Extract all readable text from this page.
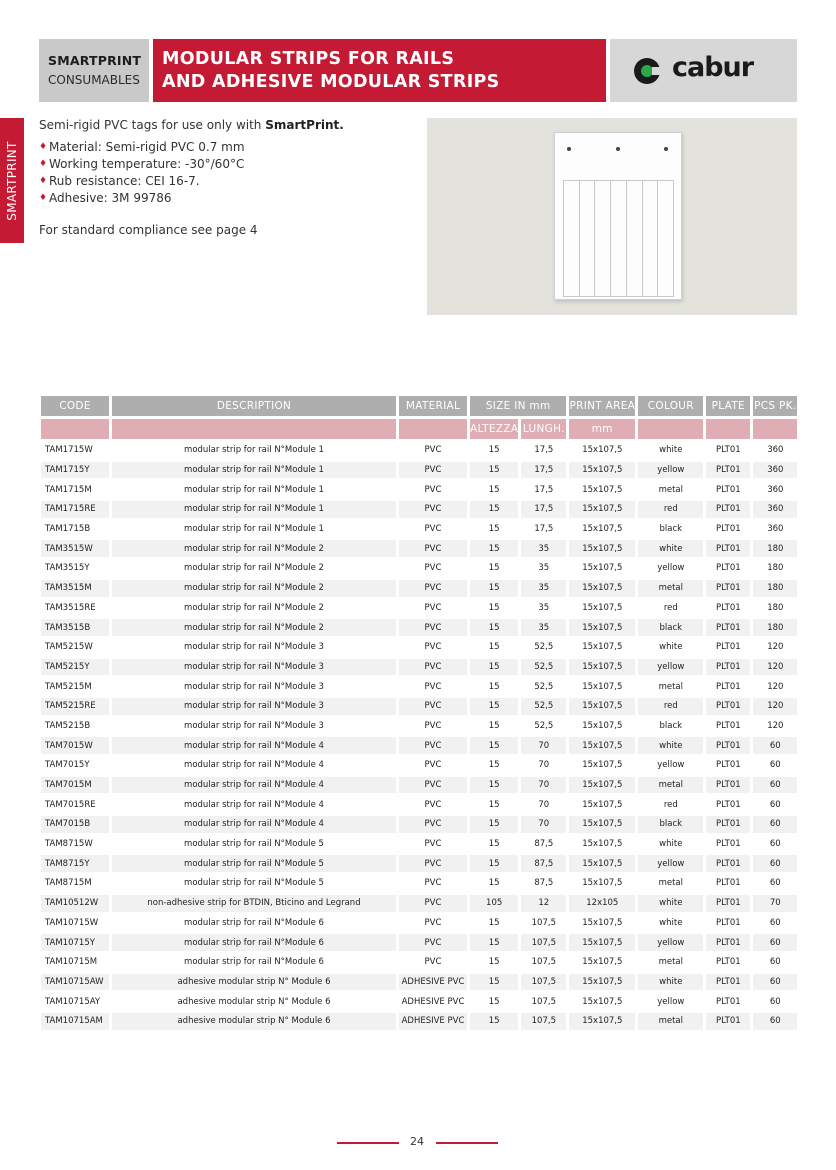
SMARTPRINT
CONSUMABLES
MODULAR STRIPS FOR RAILS
AND ADHESIVE MODULAR STRIPS	cabur
SMARTPRINT
Semi-rigid PVC tags for use only with SmartPrint.
♦ Material: Semi-rigid PVC 0.7 mm
♦ Working temperature: -30°/60°C
♦ Rub resistance: CEI 16-7.
♦ Adhesive: 3M 99786
For standard compliance see page 4
CODE	DESCRIPTION	MATERIAL	SIZE IN mm		PRINT AREA	COLOUR	PLATE	PCS PK.
			ALTEZZA	LUNGH.	mm			
TAM1715W	modular strip for rail N°Module 1	PVC	15	17,5	15x107,5	white	PLT01	360
TAM1715Y	modular strip for rail N°Module 1	PVC	15	17,5	15x107,5	yellow	PLT01	360
TAM1715M	modular strip for rail N°Module 1	PVC	15	17,5	15x107,5	metal	PLT01	360
TAM1715RE	modular strip for rail N°Module 1	PVC	15	17,5	15x107,5	red	PLT01	360
TAM1715B	modular strip for rail N°Module 1	PVC	15	17,5	15x107,5	black	PLT01	360
TAM3515W	modular strip for rail N°Module 2	PVC	15	35	15x107,5	white	PLT01	180
TAM3515Y	modular strip for rail N°Module 2	PVC	15	35	15x107,5	yellow	PLT01	180
TAM3515M	modular strip for rail N°Module 2	PVC	15	35	15x107,5	metal	PLT01	180
TAM3515RE	modular strip for rail N°Module 2	PVC	15	35	15x107,5	red	PLT01	180
TAM3515B	modular strip for rail N°Module 2	PVC	15	35	15x107,5	black	PLT01	180
TAM5215W	modular strip for rail N°Module 3	PVC	15	52,5	15x107,5	white	PLT01	120
TAM5215Y	modular strip for rail N°Module 3	PVC	15	52,5	15x107,5	yellow	PLT01	120
TAM5215M	modular strip for rail N°Module 3	PVC	15	52,5	15x107,5	metal	PLT01	120
TAM5215RE	modular strip for rail N°Module 3	PVC	15	52,5	15x107,5	red	PLT01	120
TAM5215B	modular strip for rail N°Module 3	PVC	15	52,5	15x107,5	black	PLT01	120
TAM7015W	modular strip for rail N°Module 4	PVC	15	70	15x107,5	white	PLT01	60
TAM7015Y	modular strip for rail N°Module 4	PVC	15	70	15x107,5	yellow	PLT01	60
TAM7015M	modular strip for rail N°Module 4	PVC	15	70	15x107,5	metal	PLT01	60
TAM7015RE	modular strip for rail N°Module 4	PVC	15	70	15x107,5	red	PLT01	60
TAM7015B	modular strip for rail N°Module 4	PVC	15	70	15x107,5	black	PLT01	60
TAM8715W	modular strip for rail N°Module 5	PVC	15	87,5	15x107,5	white	PLT01	60
TAM8715Y	modular strip for rail N°Module 5	PVC	15	87,5	15x107,5	yellow	PLT01	60
TAM8715M	modular strip for rail N°Module 5	PVC	15	87,5	15x107,5	metal	PLT01	60
TAM10512W	non-adhesive strip for BTDIN, Bticino and Legrand	PVC	105	12	12x105	white	PLT01	70
TAM10715W	modular strip for rail N°Module 6	PVC	15	107,5	15x107,5	white	PLT01	60
TAM10715Y	modular strip for rail N°Module 6	PVC	15	107,5	15x107,5	yellow	PLT01	60
TAM10715M	modular strip for rail N°Module 6	PVC	15	107,5	15x107,5	metal	PLT01	60
TAM10715AW	adhesive modular strip N° Module 6	ADHESIVE PVC	15	107,5	15x107,5	white	PLT01	60
TAM10715AY	adhesive modular strip N° Module 6	ADHESIVE PVC	15	107,5	15x107,5	yellow	PLT01	60
TAM10715AM	adhesive modular strip N° Module 6	ADHESIVE PVC	15	107,5	15x107,5	metal	PLT01	60
24
